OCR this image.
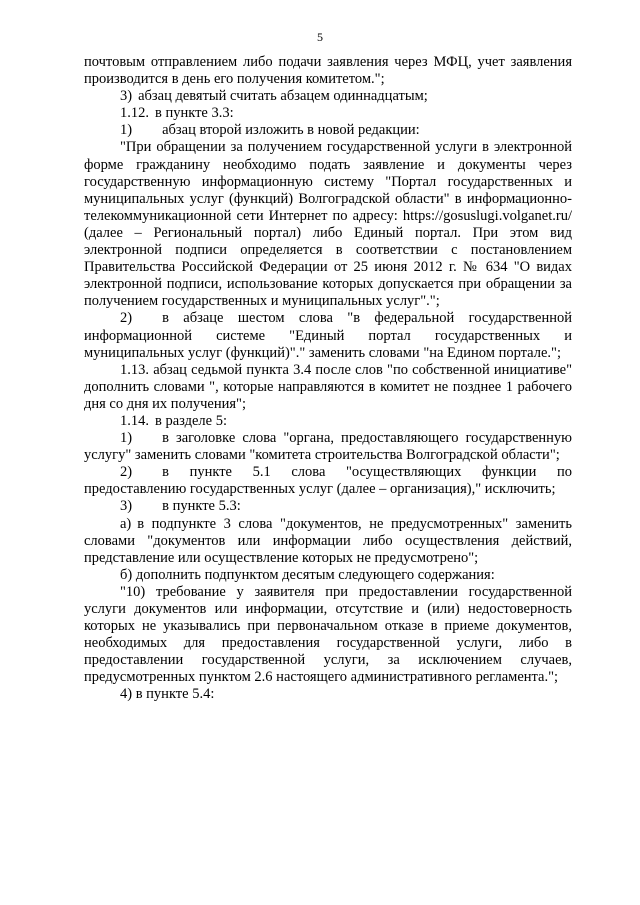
5

почтовым отправлением либо подачи заявления через МФЦ, учет заявления производится в день его получения комитетом.";

3) абзац девятый считать абзацем одиннадцатым;

1.12. в пункте 3.3:

1) абзац второй изложить в новой редакции:

"При обращении за получением государственной услуги в электронной форме гражданину необходимо подать заявление и документы через государственную информационную систему "Портал государственных и муниципальных услуг (функций) Волгоградской области" в информационно-телекоммуникационной сети Интернет по адресу: https://gosuslugi.volganet.ru/ (далее – Региональный портал) либо Единый портал. При этом вид электронной подписи определяется в соответствии с постановлением Правительства Российской Федерации от 25 июня 2012 г. № 634 "О видах электронной подписи, использование которых допускается при обращении за получением государственных и муниципальных услуг".";

2) в абзаце шестом слова "в федеральной государственной информационной системе "Единый портал государственных и муниципальных услуг (функций)"." заменить словами "на Едином портале.";

1.13. абзац седьмой пункта 3.4 после слов "по собственной инициативе" дополнить словами ", которые направляются в комитет не позднее 1 рабочего дня со дня их получения";

1.14. в разделе 5:

1) в заголовке слова "органа, предоставляющего государственную услугу" заменить словами "комитета строительства Волгоградской области";

2) в пункте 5.1 слова "осуществляющих функции по предоставлению государственных услуг (далее – организация)," исключить;

3) в пункте 5.3:

а) в подпункте 3 слова "документов, не предусмотренных" заменить словами "документов или информации либо осуществления действий, представление или осуществление которых не предусмотрено";

б) дополнить подпунктом десятым следующего содержания:

"10) требование у заявителя при предоставлении государственной услуги документов или информации, отсутствие и (или) недостоверность которых не указывались при первоначальном отказе в приеме документов, необходимых для предоставления государственной услуги, либо в предоставлении государственной услуги, за исключением случаев, предусмотренных пунктом 2.6 настоящего административного регламента.";

4) в пункте 5.4:
